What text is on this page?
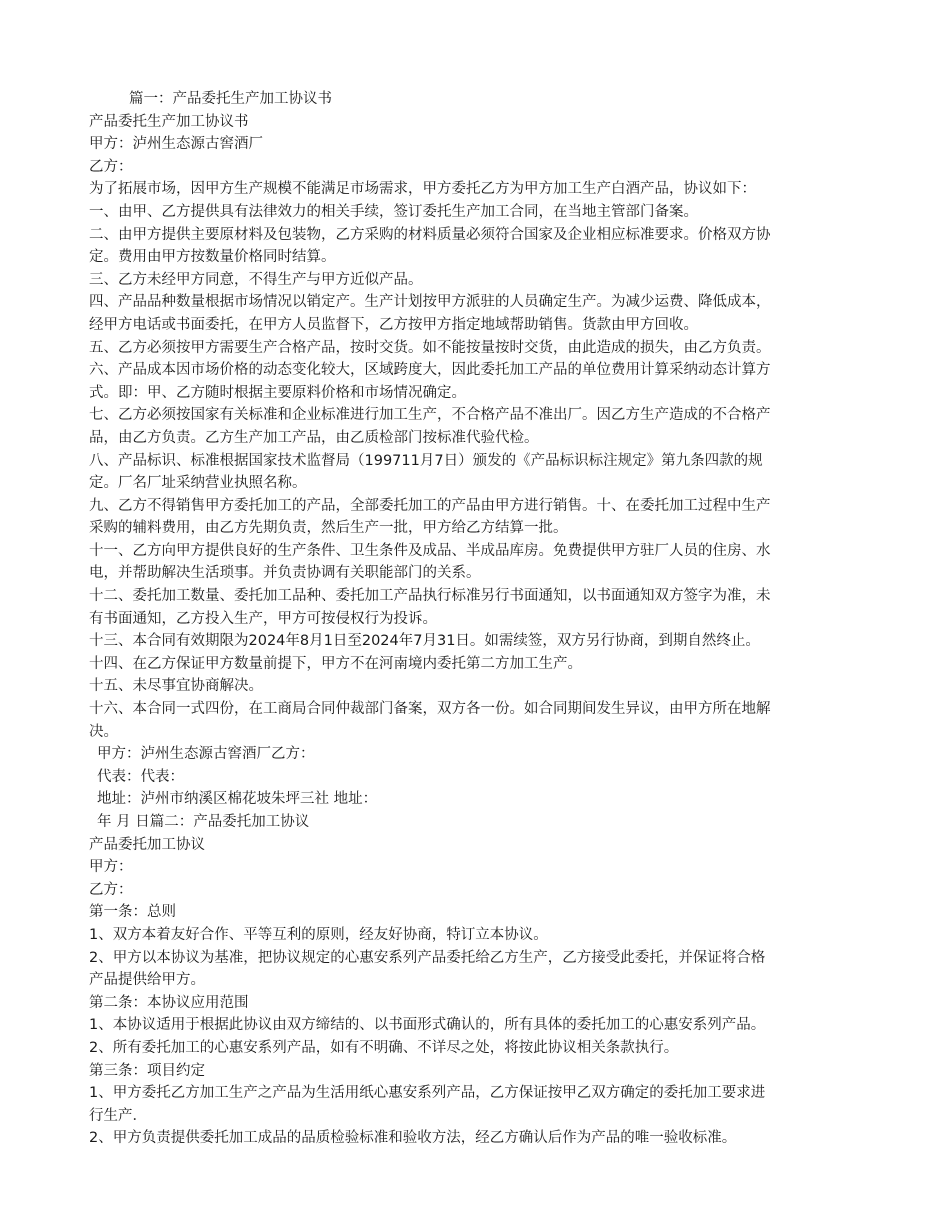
篇一：产品委托生产加工协议书
产品委托生产加工协议书
甲方：泸州生态源古窖酒厂
乙方：
为了拓展市场，因甲方生产规模不能满足市场需求，甲方委托乙方为甲方加工生产白酒产品，协议如下：
一、由甲、乙方提供具有法律效力的相关手续，签订委托生产加工合同，在当地主管部门备案。
二、由甲方提供主要原材料及包装物，乙方采购的材料质量必须符合国家及企业相应标准要求。价格双方协
定。费用由甲方按数量价格同时结算。
三、乙方未经甲方同意，不得生产与甲方近似产品。
四、产品品种数量根据市场情况以销定产。生产计划按甲方派驻的人员确定生产。为减少运费、降低成本，
经甲方电话或书面委托，在甲方人员监督下，乙方按甲方指定地域帮助销售。货款由甲方回收。
五、乙方必须按甲方需要生产合格产品，按时交货。如不能按量按时交货，由此造成的损失，由乙方负责。
六、产品成本因市场价格的动态变化较大，区域跨度大，因此委托加工产品的单位费用计算采纳动态计算方
式。即：甲、乙方随时根据主要原料价格和市场情况确定。
七、乙方必须按国家有关标准和企业标准进行加工生产，不合格产品不准出厂。因乙方生产造成的不合格产
品，由乙方负责。乙方生产加工产品，由乙质检部门按标准代验代检。
八、产品标识、标准根据国家技术监督局（199711月7日）颁发的《产品标识标注规定》第九条四款的规
定。厂名厂址采纳营业执照名称。
九、乙方不得销售甲方委托加工的产品，全部委托加工的产品由甲方进行销售。十、在委托加工过程中生产
采购的辅料费用，由乙方先期负责，然后生产一批，甲方给乙方结算一批。
十一、乙方向甲方提供良好的生产条件、卫生条件及成品、半成品库房。免费提供甲方驻厂人员的住房、水
电，并帮助解决生活琐事。并负责协调有关职能部门的关系。
十二、委托加工数量、委托加工品种、委托加工产品执行标准另行书面通知，以书面通知双方签字为准，未
有书面通知，乙方投入生产，甲方可按侵权行为投诉。
十三、本合同有效期限为2024年8月1日至2024年7月31日。如需续签，双方另行协商，到期自然终止。
十四、在乙方保证甲方数量前提下，甲方不在河南境内委托第二方加工生产。
十五、未尽事宜协商解决。
十六、本合同一式四份，在工商局合同仲裁部门备案，双方各一份。如合同期间发生异议，由甲方所在地解
决。
甲方：泸州生态源古窖酒厂乙方：
代表：代表：
地址：泸州市纳溪区棉花坡朱坪三社 地址：
年 月 日篇二：产品委托加工协议
产品委托加工协议
甲方：
乙方：
第一条：总则
1、双方本着友好合作、平等互利的原则，经友好协商，特订立本协议。
2、甲方以本协议为基准，把协议规定的心惠安系列产品委托给乙方生产，乙方接受此委托，并保证将合格
产品提供给甲方。
第二条：本协议应用范围
1、本协议适用于根据此协议由双方缔结的、以书面形式确认的，所有具体的委托加工的心惠安系列产品。
2、所有委托加工的心惠安系列产品，如有不明确、不详尽之处，将按此协议相关条款执行。
第三条：项目约定
1、甲方委托乙方加工生产之产品为生活用纸心惠安系列产品，乙方保证按甲乙双方确定的委托加工要求进
行生产．
2、甲方负责提供委托加工成品的品质检验标准和验收方法，经乙方确认后作为产品的唯一验收标准。
